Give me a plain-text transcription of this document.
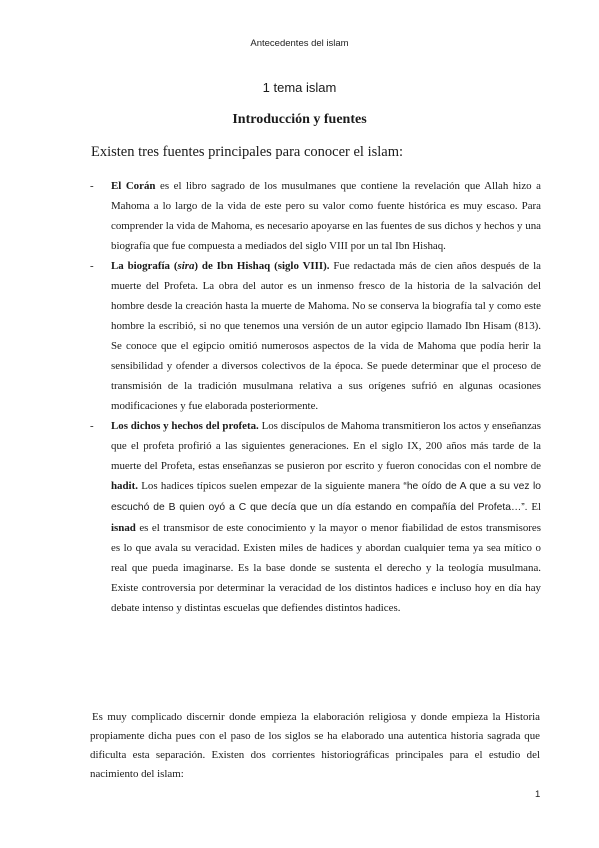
Antecedentes del islam
1 tema islam
Introducción y fuentes
Existen tres fuentes principales para conocer el islam:
- El Corán es el libro sagrado de los musulmanes que contiene la revelación que Allah hizo a Mahoma a lo largo de la vida de este pero su valor como fuente histórica es muy escaso. Para comprender la vida de Mahoma, es necesario apoyarse en las fuentes de sus dichos y hechos y una biografía que fue compuesta a mediados del siglo VIII por un tal Ibn Hishaq.
- La biografía (sira) de Ibn Hishaq (siglo VIII). Fue redactada más de cien años después de la muerte del Profeta. La obra del autor es un inmenso fresco de la historia de la salvación del hombre desde la creación hasta la muerte de Mahoma. No se conserva la biografía tal y como este hombre la escribió, si no que tenemos una versión de un autor egipcio llamado Ibn Hisam (813). Se conoce que el egipcio omitió numerosos aspectos de la vida de Mahoma que podía herir la sensibilidad y ofender a diversos colectivos de la época. Se puede determinar que el proceso de transmisión de la tradición musulmana relativa a sus orígenes sufrió en algunas ocasiones modificaciones y fue elaborada posteriormente.
- Los dichos y hechos del profeta. Los discípulos de Mahoma transmitieron los actos y enseñanzas que el profeta profirió a las siguientes generaciones. En el siglo IX, 200 años más tarde de la muerte del Profeta, estas enseñanzas se pusieron por escrito y fueron conocidas con el nombre de hadit. Los hadices típicos suelen empezar de la siguiente manera “he oído de A que a su vez lo escuchó de B quien oyó a C que decía que un día estando en compañía del Profeta…”. El isnad es el transmisor de este conocimiento y la mayor o menor fiabilidad de estos transmisores es lo que avala su veracidad. Existen miles de hadices y abordan cualquier tema ya sea mítico o real que pueda imaginarse. Es la base donde se sustenta el derecho y la teología musulmana. Existe controversia por determinar la veracidad de los distintos hadices e incluso hoy en día hay debate intenso y distintas escuelas que defiendes distintos hadices.
Es muy complicado discernir donde empieza la elaboración religiosa y donde empieza la Historia propiamente dicha pues con el paso de los siglos se ha elaborado una autentica historia sagrada que dificulta esta separación. Existen dos corrientes historiográficas principales para el estudio del nacimiento del islam:
1
